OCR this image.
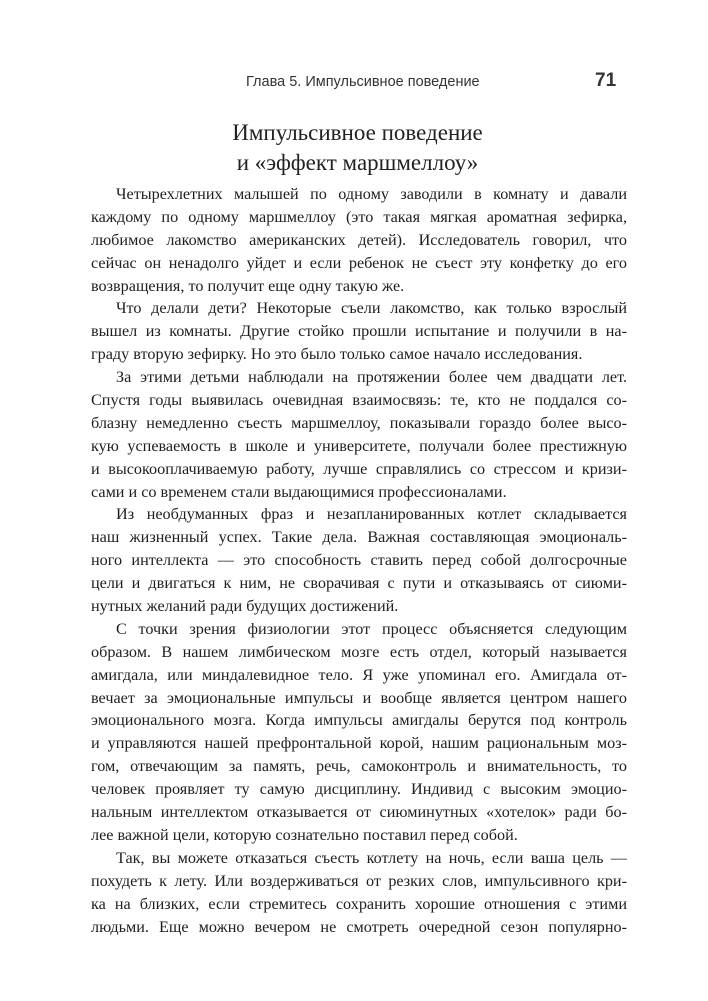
Глава 5. Импульсивное поведение	71
Импульсивное поведение
и «эффект маршмеллоу»
Четырехлетних малышей по одному заводили в комнату и давали
каждому по одному маршмеллоу (это такая мягкая ароматная зефирка,
любимое лакомство американских детей). Исследователь говорил, что
сейчас он ненадолго уйдет и если ребенок не съест эту конфетку до его
возвращения, то получит еще одну такую же.
Что делали дети? Некоторые съели лакомство, как только взрослый
вышел из комнаты. Другие стойко прошли испытание и получили в на-
граду вторую зефирку. Но это было только самое начало исследования.
За этими детьми наблюдали на протяжении более чем двадцати лет.
Спустя годы выявилась очевидная взаимосвязь: те, кто не поддался со-
блазну немедленно съесть маршмеллоу, показывали гораздо более высо-
кую успеваемость в школе и университете, получали более престижную
и высокооплачиваемую работу, лучше справлялись со стрессом и кризи-
сами и со временем стали выдающимися профессионалами.
Из необдуманных фраз и незапланированных котлет складывается
наш жизненный успех. Такие дела. Важная составляющая эмоциональ-
ного интеллекта — это способность ставить перед собой долгосрочные
цели и двигаться к ним, не сворачивая с пути и отказываясь от сиюми-
нутных желаний ради будущих достижений.
С точки зрения физиологии этот процесс объясняется следующим
образом. В нашем лимбическом мозге есть отдел, который называется
амигдала, или миндалевидное тело. Я уже упоминал его. Амигдала от-
вечает за эмоциональные импульсы и вообще является центром нашего
эмоционального мозга. Когда импульсы амигдалы берутся под контроль
и управляются нашей префронтальной корой, нашим рациональным моз-
гом, отвечающим за память, речь, самоконтроль и внимательность, то
человек проявляет ту самую дисциплину. Индивид с высоким эмоцио-
нальным интеллектом отказывается от сиюминутных «хотелок» ради бо-
лее важной цели, которую сознательно поставил перед собой.
Так, вы можете отказаться съесть котлету на ночь, если ваша цель —
похудеть к лету. Или воздерживаться от резких слов, импульсивного кри-
ка на близких, если стремитесь сохранить хорошие отношения с этими
людьми. Еще можно вечером не смотреть очередной сезон популярно-
